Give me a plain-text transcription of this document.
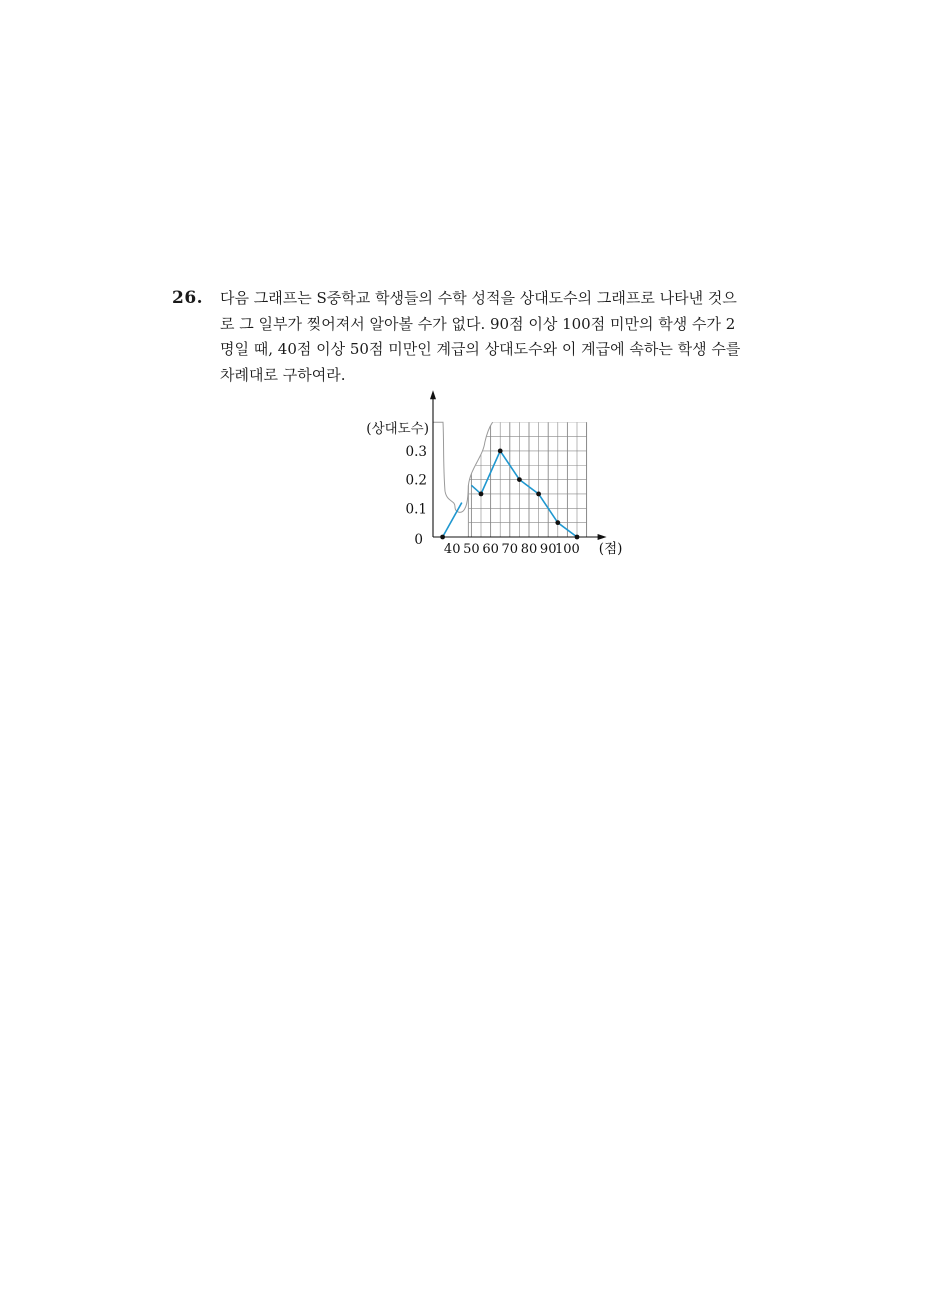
26. 다음 그래프는 S중학교 학생들의 수학 성적을 상대도수의 그래프로 나타낸 것으
로 그 일부가 찢어져서 알아볼 수가 없다. 90점 이상 100점 미만의 학생 수가 2
명일 때, 40점 이상 50점 미만인 계급의 상대도수와 이 계급에 속하는 학생 수를
차례대로 구하여라.
(상대도수)
0.1
0.2
0.3
0
40 50 60 70 80 90
100 (점)
